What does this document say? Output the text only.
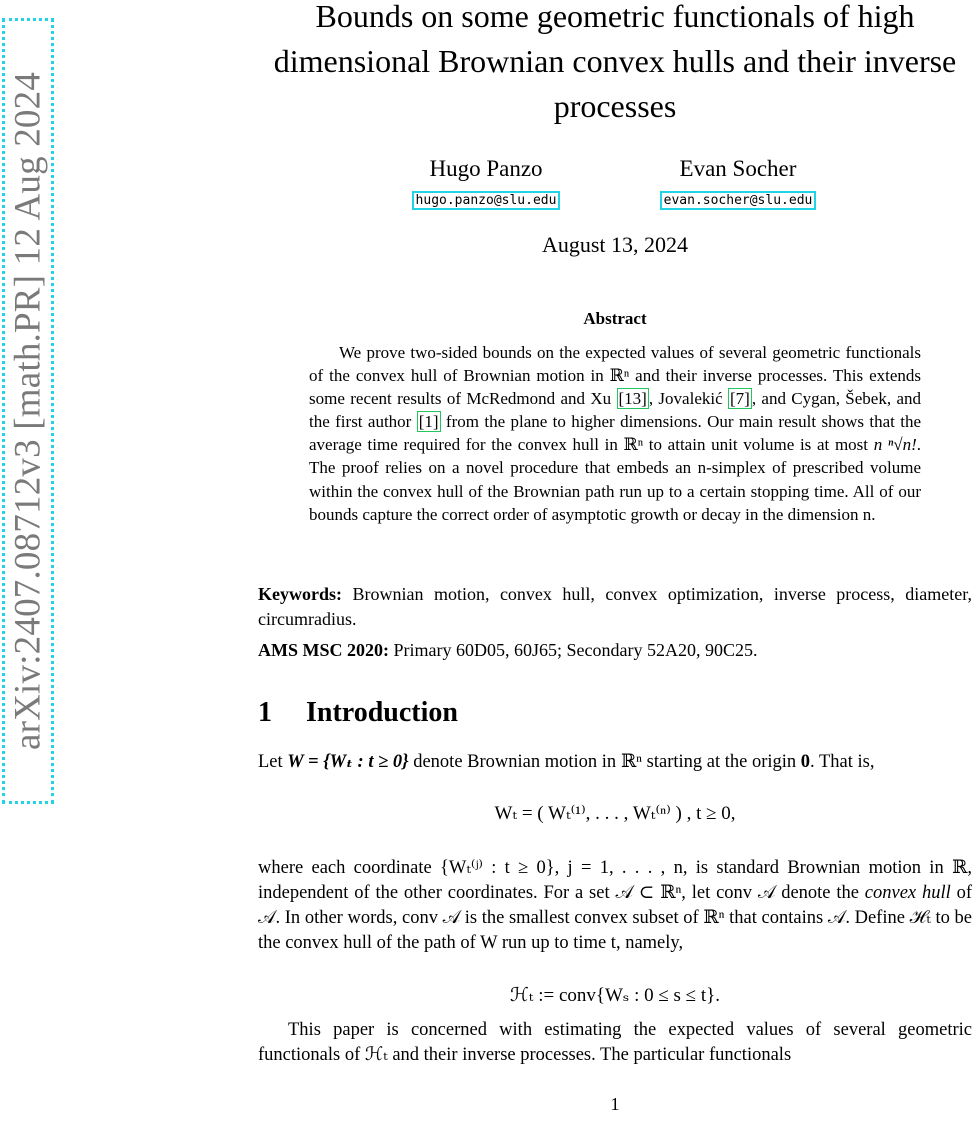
arXiv:2407.08712v3 [math.PR] 12 Aug 2024
Bounds on some geometric functionals of high dimensional Brownian convex hulls and their inverse processes
Hugo Panzo
hugo.panzo@slu.edu
Evan Socher
evan.socher@slu.edu
August 13, 2024
Abstract

We prove two-sided bounds on the expected values of several geometric functionals of the convex hull of Brownian motion in ℝⁿ and their inverse processes. This extends some recent results of McRedmond and Xu [13] , Jovalekić [7] , and Cygan, Šebek, and the first author [1] from the plane to higher dimensions. Our main result shows that the average time required for the convex hull in ℝⁿ to attain unit volume is at most n ⁿ√n!. The proof relies on a novel procedure that embeds an n-simplex of prescribed volume within the convex hull of the Brownian path run up to a certain stopping time. All of our bounds capture the correct order of asymptotic growth or decay in the dimension n.

Keywords: Brownian motion, convex hull, convex optimization, inverse process, diameter, circumradius.

AMS MSC 2020: Primary 60D05, 60J65; Secondary 52A20, 90C25.

1 Introduction

Let W = {Wₜ : t ≥ 0} denote Brownian motion in ℝⁿ starting at the origin 0. That is,

Wₜ = ( Wₜ⁽¹⁾, . . . , Wₜ⁽ⁿ⁾ ) , t ≥ 0,

where each coordinate {Wₜ⁽ʲ⁾ : t ≥ 0}, j = 1, . . . , n, is standard Brownian motion in ℝ, independent of the other coordinates. For a set 𝒜 ⊂ ℝⁿ, let conv 𝒜 denote the convex hull of 𝒜. In other words, conv 𝒜 is the smallest convex subset of ℝⁿ that contains 𝒜. Define ℋₜ to be the convex hull of the path of W run up to time t, namely,

ℋₜ := conv{Wₛ : 0 ≤ s ≤ t}.

This paper is concerned with estimating the expected values of several geometric functionals of ℋₜ and their inverse processes. The particular functionals

1
